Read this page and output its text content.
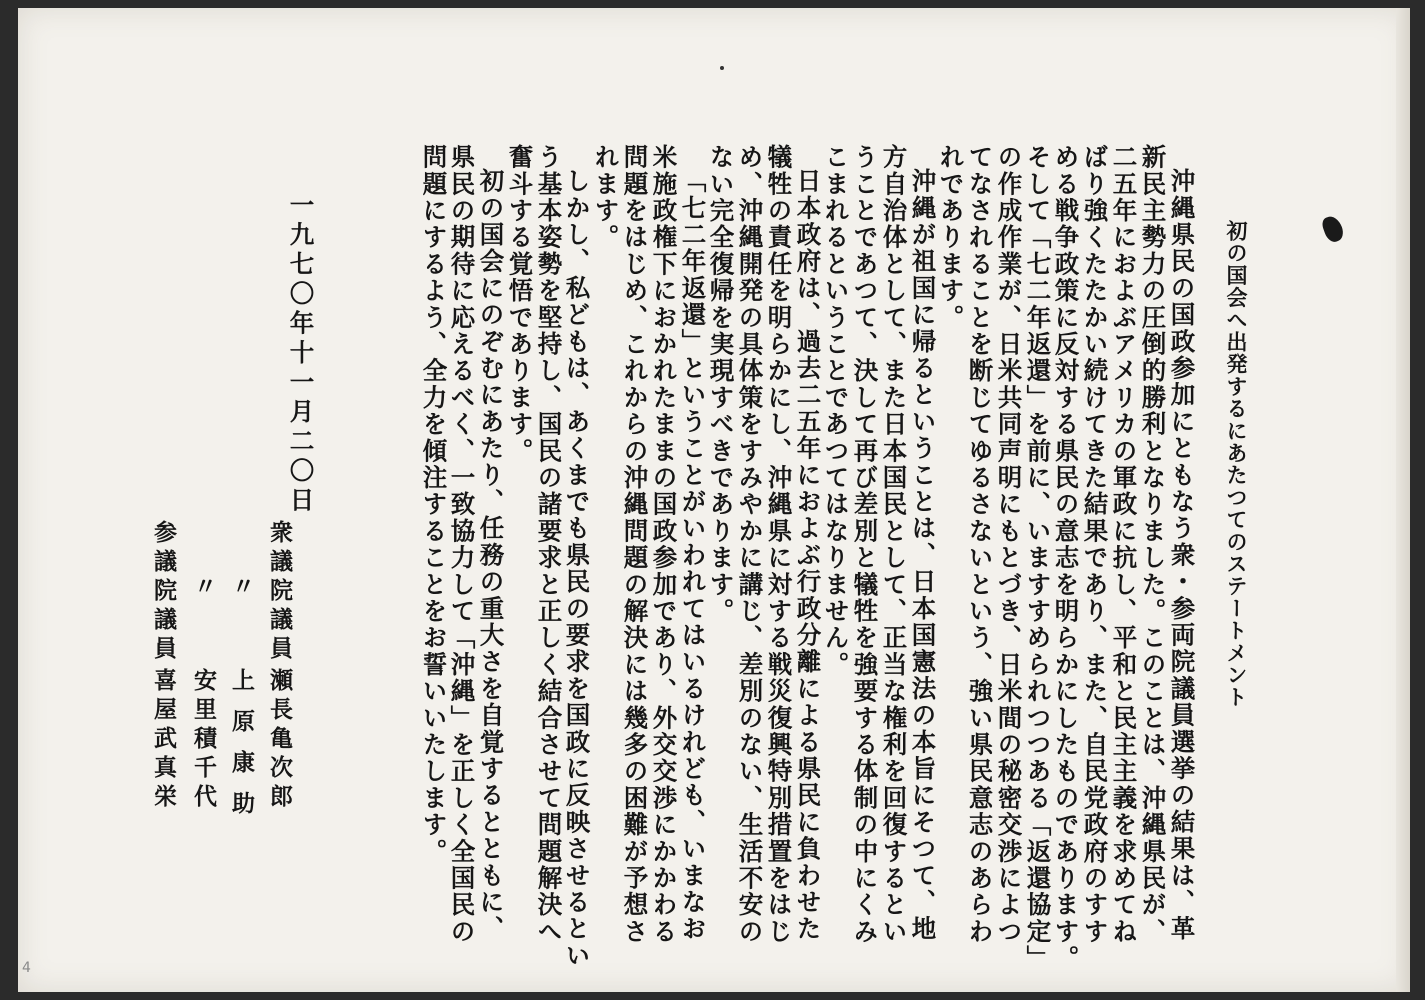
初の国会へ出発するにあたつてのステートメント
沖縄県民の国政参加にともなう衆・参両院議員選挙の結果は、革
新民主勢力の圧倒的勝利となりました。このことは、沖縄県民が、
二五年におよぶアメリカの軍政に抗し、平和と民主主義を求めてね
ばり強くたたかい続けてきた結果であり、また、自民党政府のすす
める戦争政策に反対する県民の意志を明らかにしたものであります。
そして「七二年返還」を前に、いますすめられつつある「返還協定」
の作成作業が、日米共同声明にもとづき、日米間の秘密交渉によつ
てなされることを断じてゆるさないという、強い県民意志のあらわ
れであります。
沖縄が祖国に帰るということは、日本国憲法の本旨にそつて、地
方自治体として、また日本国民として、正当な権利を回復するとい
うことであつて、決して再び差別と犠牲を強要する体制の中にくみ
こまれるということであつてはなりません。
日本政府は、過去二五年におよぶ行政分離による県民に負わせた
犠牲の責任を明らかにし、沖縄県に対する戦災復興特別措置をはじ
め、沖縄開発の具体策をすみやかに講じ、差別のない、生活不安の
ない完全復帰を実現すべきであります。
「七二年返還」ということがいわれてはいるけれども、いまなお
米施政権下におかれたままの国政参加であり、外交交渉にかかわる
問題をはじめ、これからの沖縄問題の解決には幾多の困難が予想さ
れます。
しかし、私どもは、あくまでも県民の要求を国政に反映させるとい
う基本姿勢を堅持し、国民の諸要求と正しく結合させて問題解決へ
奮斗する覚悟であります。
初の国会にのぞむにあたり、任務の重大さを自覚するとともに、
県民の期待に応えるべく、一致協力して「沖縄」を正しく全国民の
問題にするよう、全力を傾注することをお誓いいたします。
一九七〇年十一月二〇日
衆議院議員
瀬長亀次郎
〃
上原康助
〃
安里積千代
参議院議員
喜屋武真栄
4
